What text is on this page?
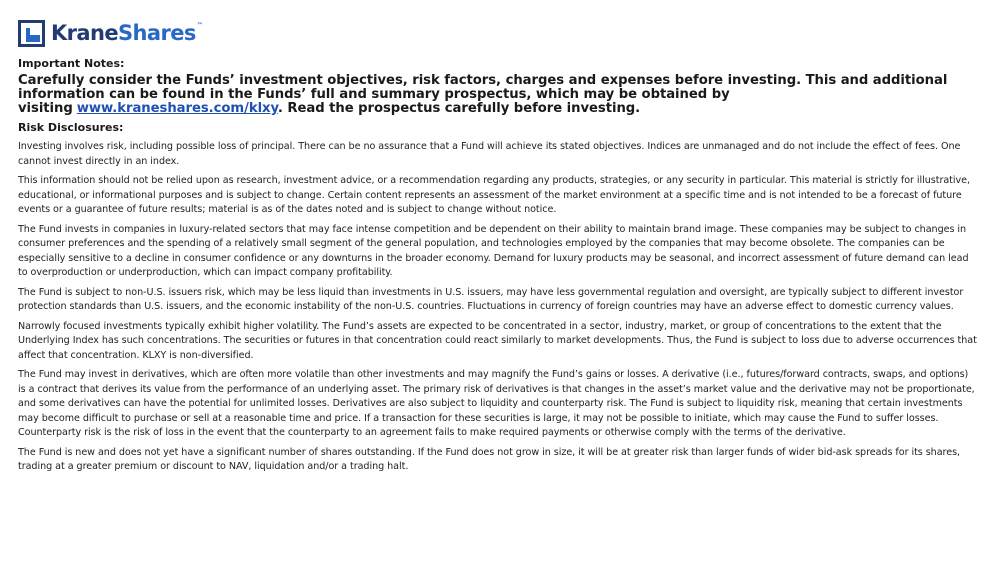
KraneShares™

Important Notes:

Carefully consider the Funds’ investment objectives, risk factors, charges and expenses before investing. This and additional information can be found in the Funds’ full and summary prospectus, which may be obtained by visiting www.kraneshares.com/klxy. Read the prospectus carefully before investing.

Risk Disclosures:

Investing involves risk, including possible loss of principal. There can be no assurance that a Fund will achieve its stated objectives. Indices are unmanaged and do not include the effect of fees. One cannot invest directly in an index.

This information should not be relied upon as research, investment advice, or a recommendation regarding any products, strategies, or any security in particular. This material is strictly for illustrative, educational, or informational purposes and is subject to change. Certain content represents an assessment of the market environment at a specific time and is not intended to be a forecast of future events or a guarantee of future results; material is as of the dates noted and is subject to change without notice.

The Fund invests in companies in luxury-related sectors that may face intense competition and be dependent on their ability to maintain brand image. These companies may be subject to changes in consumer preferences and the spending of a relatively small segment of the general population, and technologies employed by the companies that may become obsolete. The companies can be especially sensitive to a decline in consumer confidence or any downturns in the broader economy. Demand for luxury products may be seasonal, and incorrect assessment of future demand can lead to overproduction or underproduction, which can impact company profitability.

The Fund is subject to non-U.S. issuers risk, which may be less liquid than investments in U.S. issuers, may have less governmental regulation and oversight, are typically subject to different investor protection standards than U.S. issuers, and the economic instability of the non-U.S. countries. Fluctuations in currency of foreign countries may have an adverse effect to domestic currency values.

Narrowly focused investments typically exhibit higher volatility. The Fund’s assets are expected to be concentrated in a sector, industry, market, or group of concentrations to the extent that the Underlying Index has such concentrations. The securities or futures in that concentration could react similarly to market developments. Thus, the Fund is subject to loss due to adverse occurrences that affect that concentration. KLXY is non-diversified.

The Fund may invest in derivatives, which are often more volatile than other investments and may magnify the Fund’s gains or losses. A derivative (i.e., futures/forward contracts, swaps, and options) is a contract that derives its value from the performance of an underlying asset. The primary risk of derivatives is that changes in the asset’s market value and the derivative may not be proportionate, and some derivatives can have the potential for unlimited losses. Derivatives are also subject to liquidity and counterparty risk. The Fund is subject to liquidity risk, meaning that certain investments may become difficult to purchase or sell at a reasonable time and price. If a transaction for these securities is large, it may not be possible to initiate, which may cause the Fund to suffer losses. Counterparty risk is the risk of loss in the event that the counterparty to an agreement fails to make required payments or otherwise comply with the terms of the derivative.

The Fund is new and does not yet have a significant number of shares outstanding. If the Fund does not grow in size, it will be at greater risk than larger funds of wider bid-ask spreads for its shares, trading at a greater premium or discount to NAV, liquidation and/or a trading halt.
